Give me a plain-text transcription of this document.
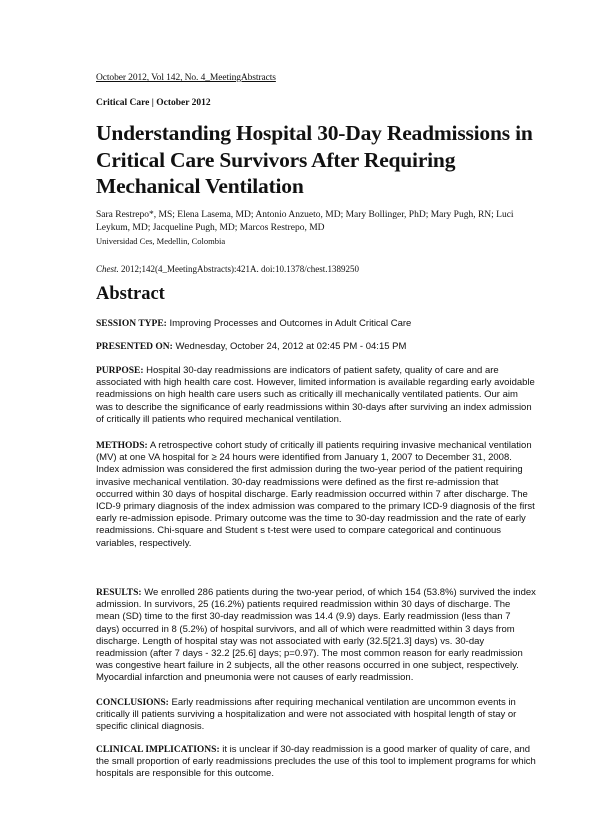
October 2012, Vol 142, No. 4_MeetingAbstracts
Critical Care | October 2012
Understanding Hospital 30-Day Readmissions in Critical Care Survivors After Requiring Mechanical Ventilation

Sara Restrepo*, MS; Elena Lasema, MD; Antonio Anzueto, MD; Mary Bollinger, PhD; Mary Pugh, RN; Luci Leykum, MD; Jacqueline Pugh, MD; Marcos Restrepo, MD

Universidad Ces, Medellin, Colombia
Chest. 2012;142(4_MeetingAbstracts):421A. doi:10.1378/chest.1389250
Abstract

SESSION TYPE: Improving Processes and Outcomes in Adult Critical Care

PRESENTED ON: Wednesday, October 24, 2012 at 02:45 PM - 04:15 PM

PURPOSE: Hospital 30-day readmissions are indicators of patient safety, quality of care and are associated with high health care cost. However, limited information is available regarding early avoidable readmissions on high health care users such as critically ill mechanically ventilated patients. Our aim was to describe the significance of early readmissions within 30-days after surviving an index admission of critically ill patients who required mechanical ventilation.

METHODS: A retrospective cohort study of critically ill patients requiring invasive mechanical ventilation (MV) at one VA hospital for ≥ 24 hours were identified from January 1, 2007 to December 31, 2008. Index admission was considered the first admission during the two-year period of the patient requiring invasive mechanical ventilation. 30-day readmissions were defined as the first re-admission that occurred within 30 days of hospital discharge. Early readmission occurred within 7 after discharge. The ICD-9 primary diagnosis of the index admission was compared to the primary ICD-9 diagnosis of the first early re-admission episode. Primary outcome was the time to 30-day readmission and the rate of early readmissions. Chi-square and Student s t-test were used to compare categorical and continuous variables, respectively.

RESULTS: We enrolled 286 patients during the two-year period, of which 154 (53.8%) survived the index admission. In survivors, 25 (16.2%) patients required readmission within 30 days of discharge. The mean (SD) time to the first 30-day readmission was 14.4 (9.9) days. Early readmission (less than 7 days) occurred in 8 (5.2%) of hospital survivors, and all of which were readmitted within 3 days from discharge. Length of hospital stay was not associated with early (32.5[21.3] days) vs. 30-day readmission (after 7 days - 32.2 [25.6] days; p=0.97). The most common reason for early readmission was congestive heart failure in 2 subjects, all the other reasons occurred in one subject, respectively. Myocardial infarction and pneumonia were not causes of early readmission.

CONCLUSIONS: Early readmissions after requiring mechanical ventilation are uncommon events in critically ill patients surviving a hospitalization and were not associated with hospital length of stay or specific clinical diagnosis.

CLINICAL IMPLICATIONS: it is unclear if 30-day readmission is a good marker of quality of care, and the small proportion of early readmissions precludes the use of this tool to implement programs for which hospitals are responsible for this outcome.
